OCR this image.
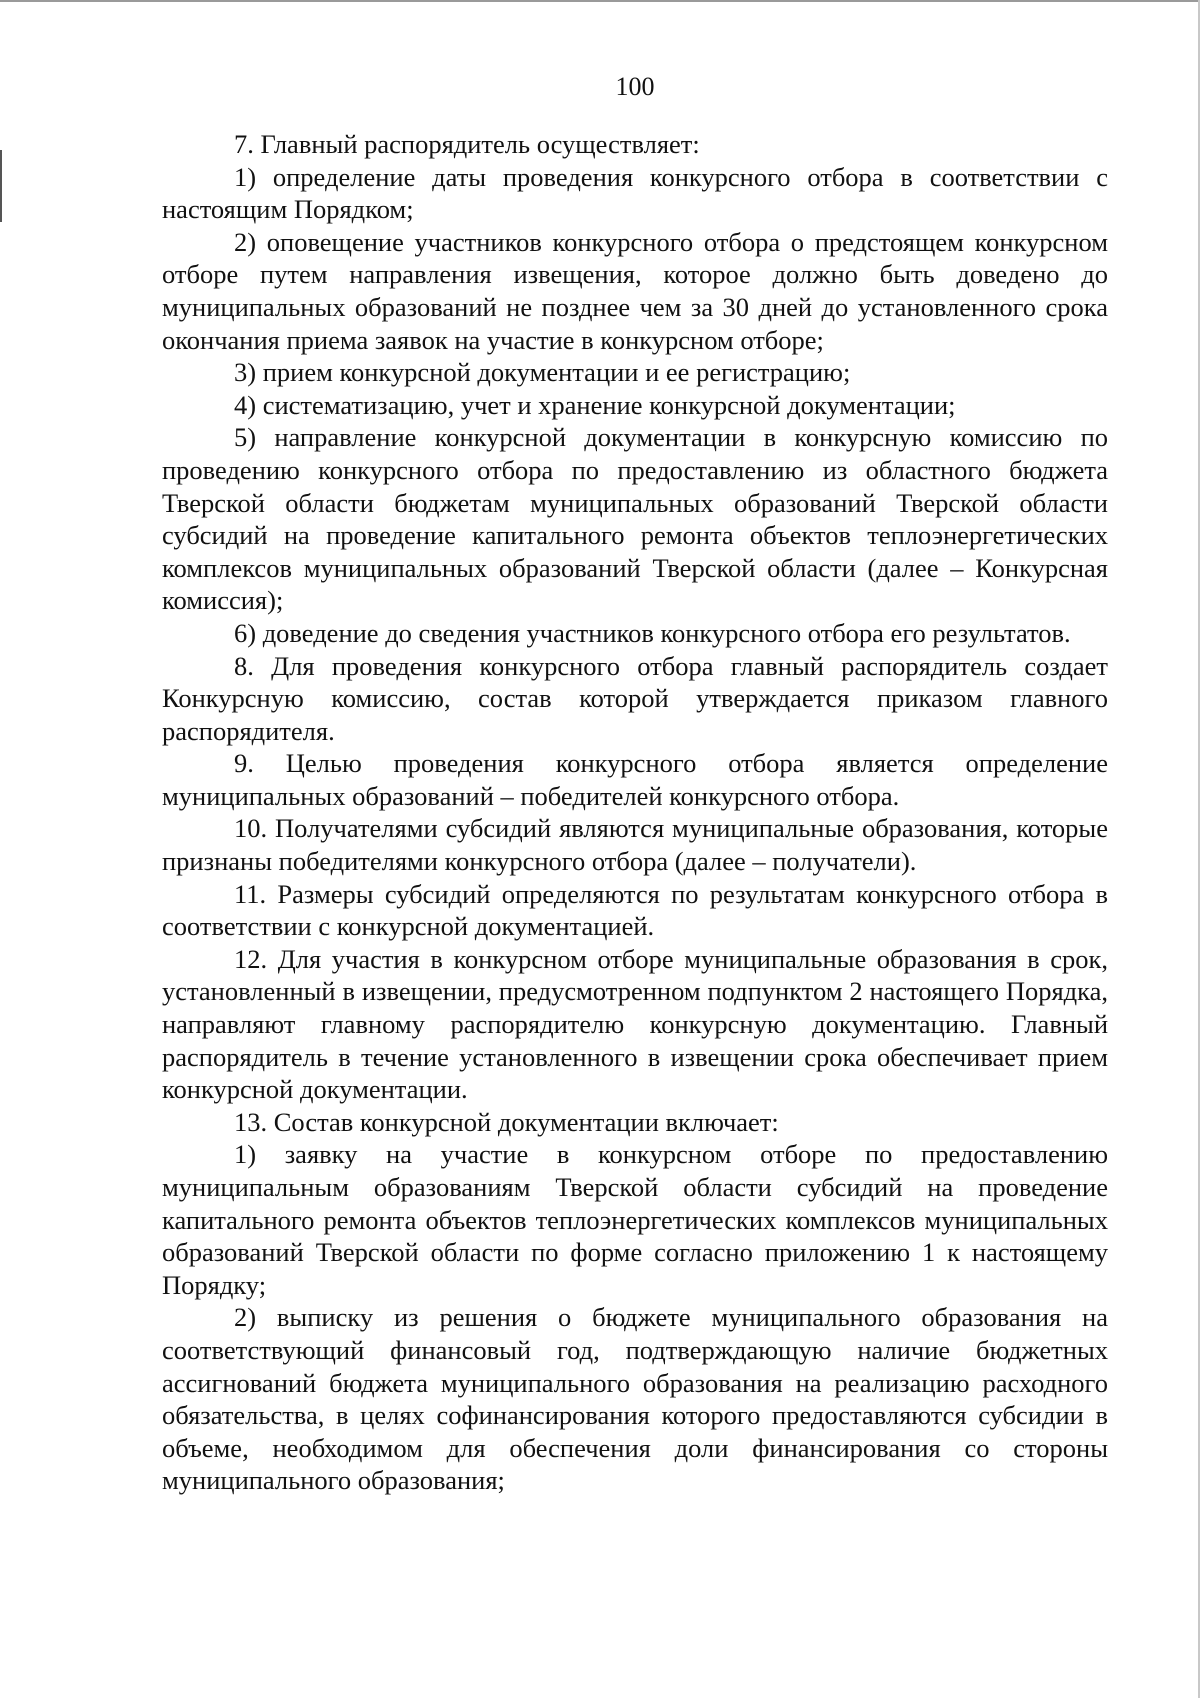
100

7. Главный распорядитель осуществляет:

1) определение даты проведения конкурсного отбора в соответствии с настоящим Порядком;

2) оповещение участников конкурсного отбора о предстоящем конкурсном отборе путем направления извещения, которое должно быть доведено до муниципальных образований не позднее чем за 30 дней до установленного срока окончания приема заявок на участие в конкурсном отборе;

3) прием конкурсной документации и ее регистрацию;

4) систематизацию, учет и хранение конкурсной документации;

5) направление конкурсной документации в конкурсную комиссию по проведению конкурсного отбора по предоставлению из областного бюджета Тверской области бюджетам муниципальных образований Тверской области субсидий на проведение капитального ремонта объектов теплоэнергетических комплексов муниципальных образований Тверской области (далее – Конкурсная комиссия);

6) доведение до сведения участников конкурсного отбора его результатов.

8. Для проведения конкурсного отбора главный распорядитель создает Конкурсную комиссию, состав которой утверждается приказом главного распорядителя.

9. Целью проведения конкурсного отбора является определение муниципальных образований – победителей конкурсного отбора.

10. Получателями субсидий являются муниципальные образования, которые признаны победителями конкурсного отбора (далее – получатели).

11. Размеры субсидий определяются по результатам конкурсного отбора в соответствии с конкурсной документацией.

12. Для участия в конкурсном отборе муниципальные образования в срок, установленный в извещении, предусмотренном подпунктом 2 настоящего Порядка, направляют главному распорядителю конкурсную документацию. Главный распорядитель в течение установленного в извещении срока обеспечивает прием конкурсной документации.

13. Состав конкурсной документации включает:

1) заявку на участие в конкурсном отборе по предоставлению муниципальным образованиям Тверской области субсидий на проведение капитального ремонта объектов теплоэнергетических комплексов муниципальных образований Тверской области по форме согласно приложению 1 к настоящему Порядку;

2) выписку из решения о бюджете муниципального образования на соответствующий финансовый год, подтверждающую наличие бюджетных ассигнований бюджета муниципального образования на реализацию расходного обязательства, в целях софинансирования которого предоставляются субсидии в объеме, необходимом для обеспечения доли финансирования со стороны муниципального образования;
